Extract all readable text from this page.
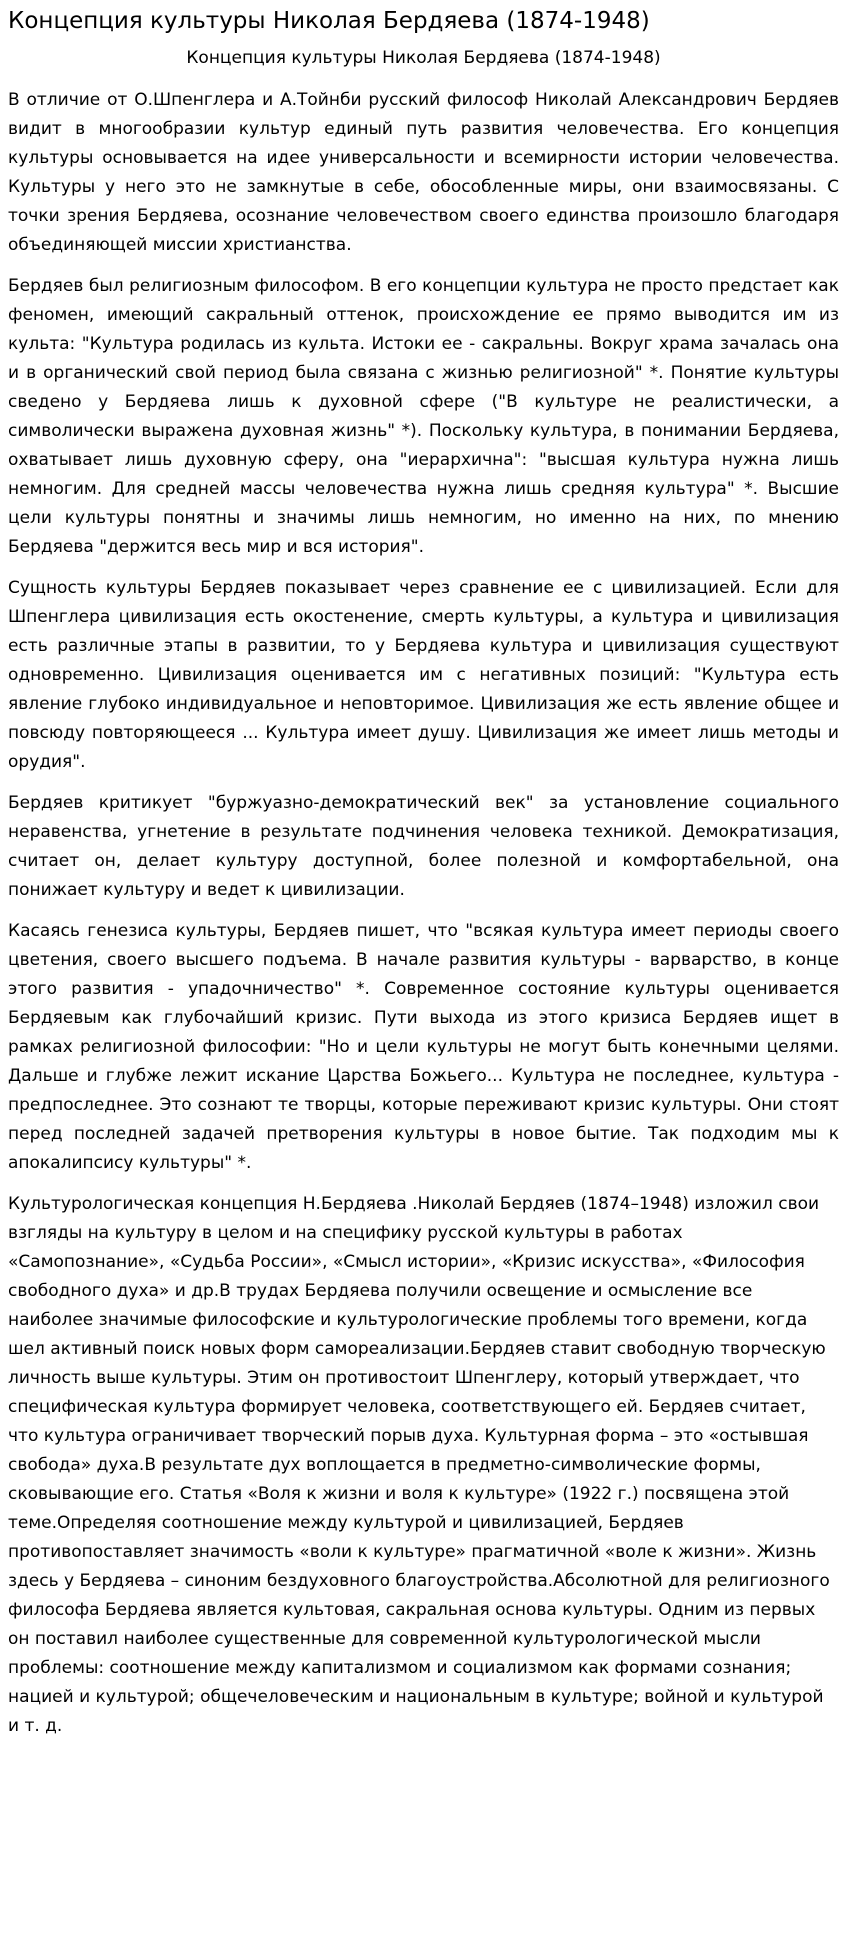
Концепция культуры Николая Бердяева (1874-1948)
Концепция культуры Николая Бердяева (1874-1948)

В отличие от О.Шпенглера и А.Тойнби русский философ Николай Александрович Бердяев видит в многообразии культур единый путь развития человечества. Его концепция культуры основывается на идее универсальности и всемирности истории человечества. Культуры у него это не замкнутые в себе, обособленные миры, они взаимосвязаны. С точки зрения Бердяева, осознание человечеством своего единства произошло благодаря объединяющей миссии христианства.

Бердяев был религиозным философом. В его концепции культура не просто предстает как феномен, имеющий сакральный оттенок, происхождение ее прямо выводится им из культа: "Культура родилась из культа. Истоки ее - сакральны. Вокруг храма зачалась она и в органический свой период была связана с жизнью религиозной" *. Понятие культуры сведено у Бердяева лишь к духовной сфере ("В культуре не реалистически, а символически выражена духовная жизнь" *). Поскольку культура, в понимании Бердяева, охватывает лишь духовную сферу, она "иерархична": "высшая культура нужна лишь немногим. Для средней массы человечества нужна лишь средняя культура" *. Высшие цели культуры понятны и значимы лишь немногим, но именно на них, по мнению Бердяева "держится весь мир и вся история".

Сущность культуры Бердяев показывает через сравнение ее с цивилизацией. Если для Шпенглера цивилизация есть окостенение, смерть культуры, а культура и цивилизация есть различные этапы в развитии, то у Бердяева культура и цивилизация существуют одновременно. Цивилизация оценивается им с негативных позиций: "Культура есть явление глубоко индивидуальное и неповторимое. Цивилизация же есть явление общее и повсюду повторяющееся ... Культура имеет душу. Цивилизация же имеет лишь методы и орудия".

Бердяев критикует "буржуазно-демократический век" за установление социального неравенства, угнетение в результате подчинения человека техникой. Демократизация, считает он, делает культуру доступной, более полезной и комфортабельной, она понижает культуру и ведет к цивилизации.

Касаясь генезиса культуры, Бердяев пишет, что "всякая культура имеет периоды своего цветения, своего высшего подъема. В начале развития культуры - варварство, в конце этого развития - упадочничество" *. Современное состояние культуры оценивается Бердяевым как глубочайший кризис. Пути выхода из этого кризиса Бердяев ищет в рамках религиозной философии: "Но и цели культуры не могут быть конечными целями. Дальше и глубже лежит искание Царства Божьего... Культура не последнее, культура - предпоследнее. Это сознают те творцы, которые переживают кризис культуры. Они стоят перед последней задачей претворения культуры в новое бытие. Так подходим мы к апокалипсису культуры" *.

Культурологическая концепция Н.Бердяева .Николай Бердяев (1874–1948) изложил свои взгляды на культуру в целом и на специфику русской культуры в работах «Самопознание», «Судьба России», «Смысл истории», «Кризис искусства», «Философия свободного духа» и др.В трудах Бердяева получили освещение и осмысление все наиболее значимые философские и культурологические проблемы того времени, когда шел активный поиск новых форм самореализации.Бердяев ставит свободную творческую личность выше культуры. Этим он противостоит Шпенглеру, который утверждает, что специфическая культура формирует человека, соответствующего ей. Бердяев считает, что культура ограничивает творческий порыв духа. Культурная форма – это «остывшая свобода» духа.В результате дух воплощается в предметно-символические формы, сковывающие его. Статья «Воля к жизни и воля к культуре» (1922 г.) посвящена этой теме.Определяя соотношение между культурой и цивилизацией, Бердяев противопоставляет значимость «воли к культуре» прагматичной «воле к жизни». Жизнь здесь у Бердяева – синоним бездуховного благоустройства.Абсолютной для религиозного философа Бердяева является культовая, сакральная основа культуры. Одним из первых он поставил наиболее существенные для современной культурологической мысли проблемы: соотношение между капитализмом и социализмом как формами сознания; нацией и культурой; общечеловеческим и национальным в культуре; войной и культурой и т. д.
